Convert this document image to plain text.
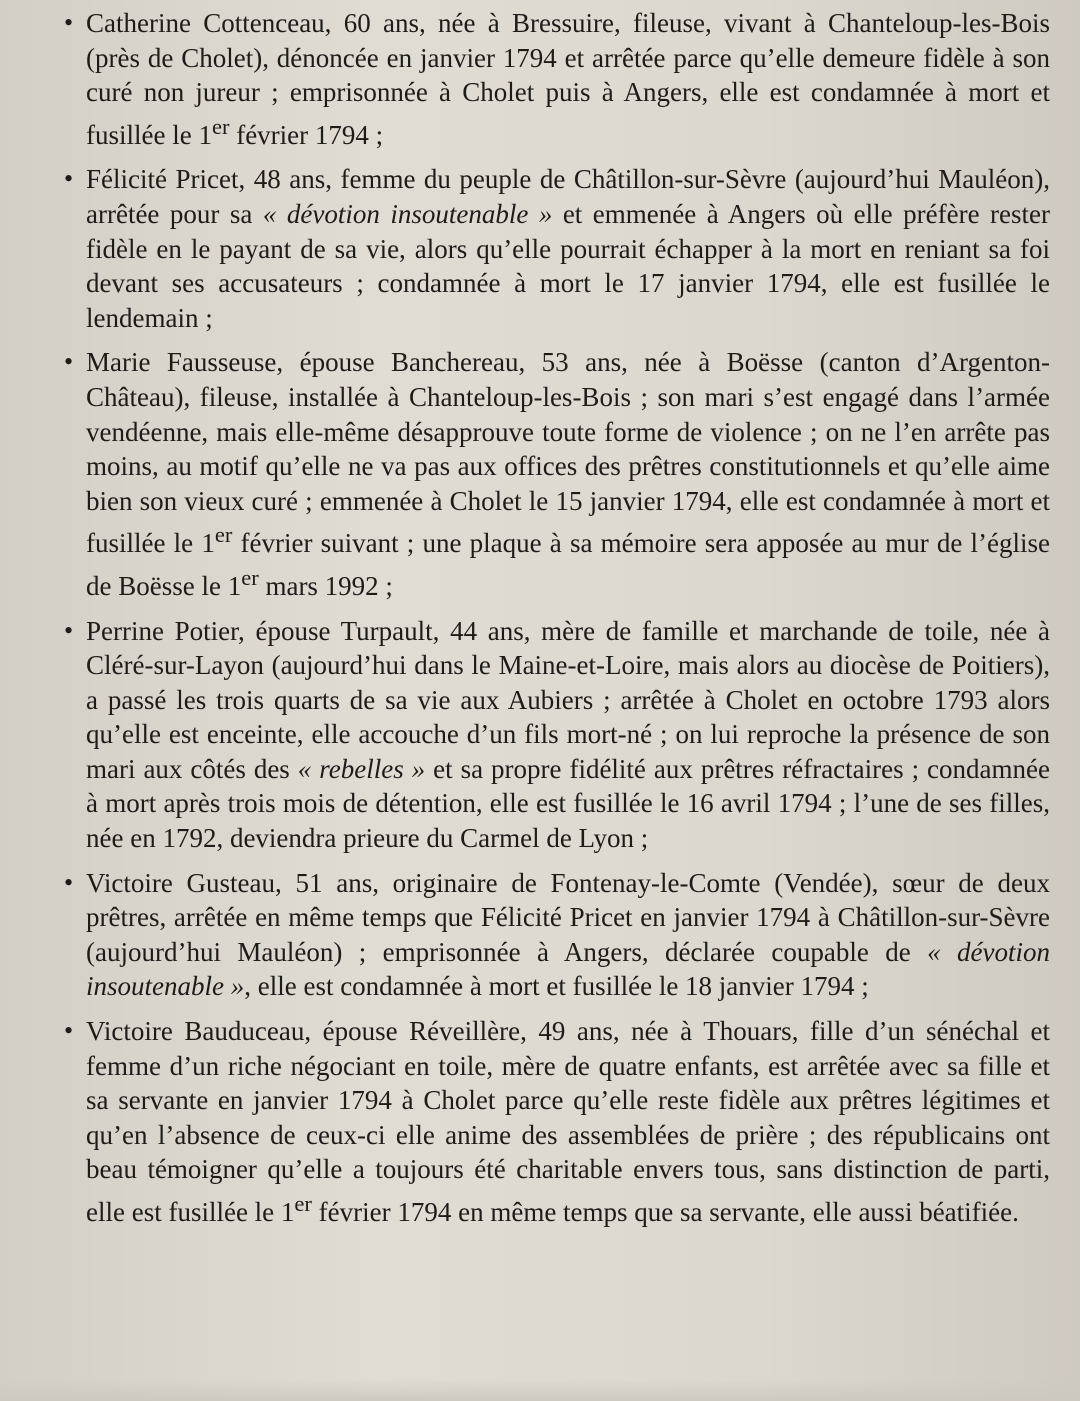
• Catherine Cottenceau, 60 ans, née à Bressuire, fileuse, vivant à Chanteloup-les-Bois (près de Cholet), dénoncée en janvier 1794 et arrêtée parce qu’elle demeure fidèle à son curé non jureur ; emprisonnée à Cholet puis à Angers, elle est condamnée à mort et fusillée le 1er février 1794 ;
• Félicité Pricet, 48 ans, femme du peuple de Châtillon-sur-Sèvre (aujourd’hui Mauléon), arrêtée pour sa « dévotion insoutenable » et emmenée à Angers où elle préfère rester fidèle en le payant de sa vie, alors qu’elle pourrait échapper à la mort en reniant sa foi devant ses accusateurs ; condamnée à mort le 17 janvier 1794, elle est fusillée le lendemain ;
• Marie Fausseuse, épouse Banchereau, 53 ans, née à Boësse (canton d’Argenton-Château), fileuse, installée à Chanteloup-les-Bois ; son mari s’est engagé dans l’armée vendéenne, mais elle-même désapprouve toute forme de violence ; on ne l’en arrête pas moins, au motif qu’elle ne va pas aux offices des prêtres constitutionnels et qu’elle aime bien son vieux curé ; emmenée à Cholet le 15 janvier 1794, elle est condamnée à mort et fusillée le 1er février suivant ; une plaque à sa mémoire sera apposée au mur de l’église de Boësse le 1er mars 1992 ;
• Perrine Potier, épouse Turpault, 44 ans, mère de famille et marchande de toile, née à Cléré-sur-Layon (aujourd’hui dans le Maine-et-Loire, mais alors au diocèse de Poitiers), a passé les trois quarts de sa vie aux Aubiers ; arrêtée à Cholet en octobre 1793 alors qu’elle est enceinte, elle accouche d’un fils mort-né ; on lui reproche la présence de son mari aux côtés des « rebelles » et sa propre fidélité aux prêtres réfractaires ; condamnée à mort après trois mois de détention, elle est fusillée le 16 avril 1794 ; l’une de ses filles, née en 1792, deviendra prieure du Carmel de Lyon ;
• Victoire Gusteau, 51 ans, originaire de Fontenay-le-Comte (Vendée), sœur de deux prêtres, arrêtée en même temps que Félicité Pricet en janvier 1794 à Châtillon-sur-Sèvre (aujourd’hui Mauléon) ; emprisonnée à Angers, déclarée coupable de « dévotion insoutenable », elle est condamnée à mort et fusillée le 18 janvier 1794 ;
• Victoire Bauduceau, épouse Réveillère, 49 ans, née à Thouars, fille d’un sénéchal et femme d’un riche négociant en toile, mère de quatre enfants, est arrêtée avec sa fille et sa servante en janvier 1794 à Cholet parce qu’elle reste fidèle aux prêtres légitimes et qu’en l’absence de ceux-ci elle anime des assemblées de prière ; des républicains ont beau témoigner qu’elle a toujours été charitable envers tous, sans distinction de parti, elle est fusillée le 1er février 1794 en même temps que sa servante, elle aussi béatifiée.
